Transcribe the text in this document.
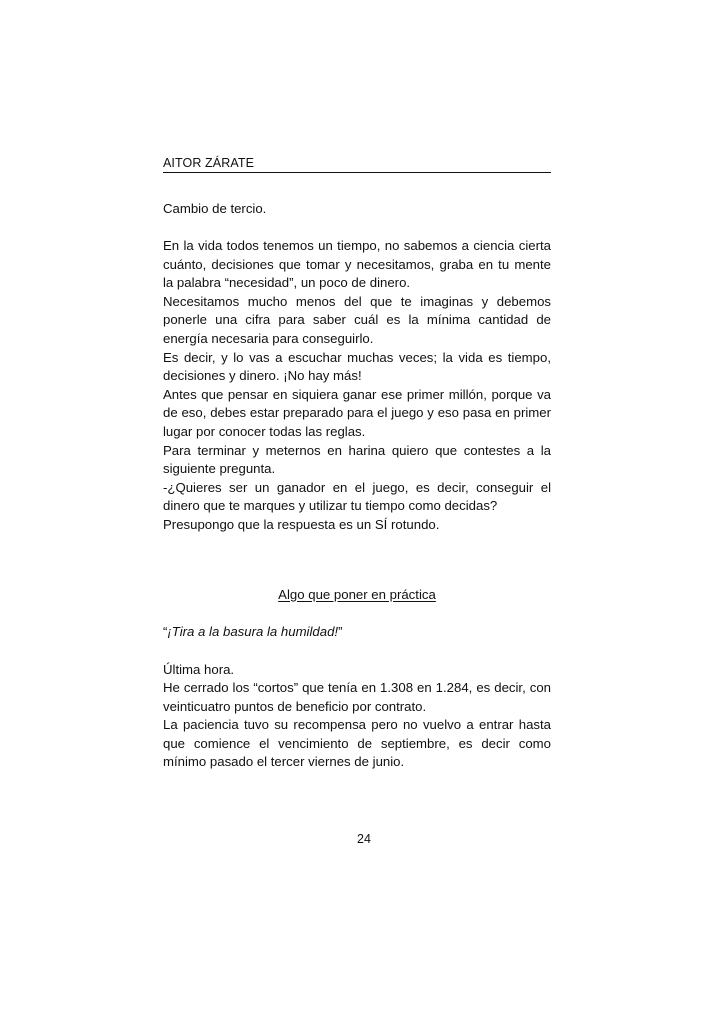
AITOR ZÁRATE
Cambio de tercio.

En la vida todos tenemos un tiempo, no sabemos a ciencia cierta cuánto, decisiones que tomar y necesitamos, graba en tu mente la palabra “necesidad”, un poco de dinero.

Necesitamos mucho menos del que te imaginas y debemos ponerle una cifra para saber cuál es la mínima cantidad de energía necesaria para conseguirlo.

Es decir, y lo vas a escuchar muchas veces; la vida es tiempo, decisiones y dinero. ¡No hay más!

Antes que pensar en siquiera ganar ese primer millón, porque va de eso, debes estar preparado para el juego y eso pasa en primer lugar por conocer todas las reglas.

Para terminar y meternos en harina quiero que contestes a la siguiente pregunta.

-¿Quieres ser un ganador en el juego, es decir, conseguir el dinero que te marques y utilizar tu tiempo como decidas?

Presupongo que la respuesta es un SÍ rotundo.

Algo que poner en práctica
“¡Tira a la basura la humildad!”

Última hora.

He cerrado los “cortos” que tenía en 1.308 en 1.284, es decir, con veinticuatro puntos de beneficio por contrato.

La paciencia tuvo su recompensa pero no vuelvo a entrar hasta que comience el vencimiento de septiembre, es decir como mínimo pasado el tercer viernes de junio.

24
